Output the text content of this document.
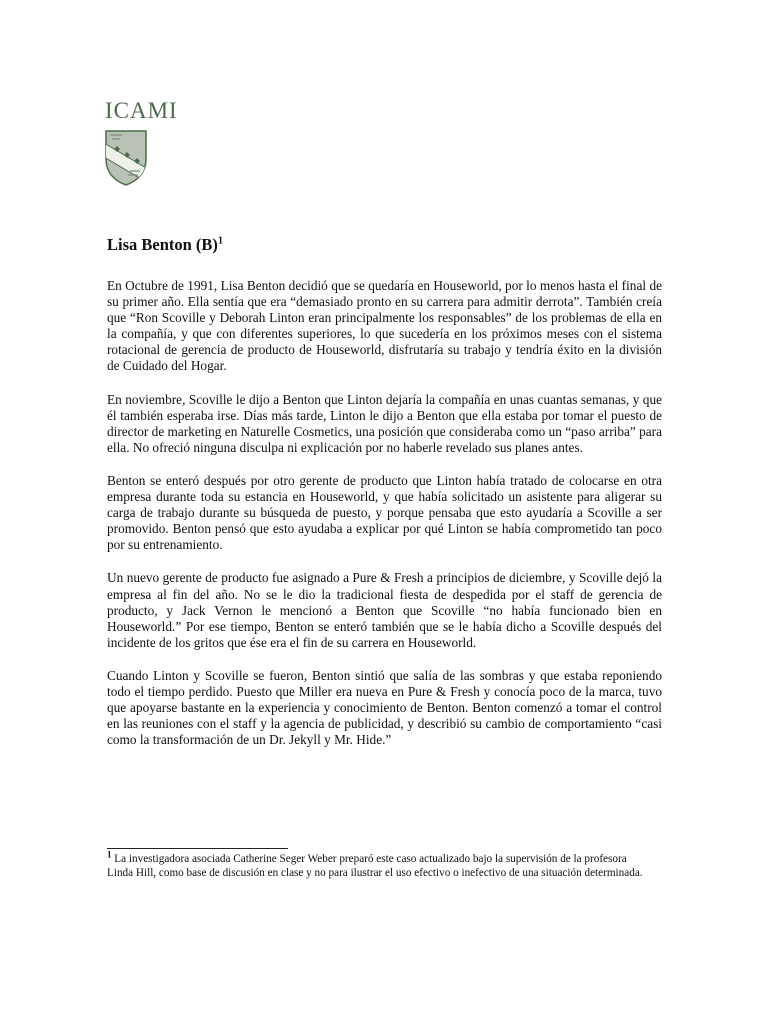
ICAMI
Lisa Benton $(B)^1$

En Octubre de 1991, Lisa Benton decidió que se quedaría en Houseworld, por lo menos hasta el final de su primer año. Ella sentía que era “demasiado pronto en su carrera para admitir derrota”. También creía que “Ron Scoville y Deborah Linton eran principalmente los responsables” de los problemas de ella en la compañía, y que con diferentes superiores, lo que sucedería en los próximos meses con el sistema rotacional de gerencia de producto de Houseworld, disfrutaría su trabajo y tendría éxito en la división de Cuidado del Hogar.

En noviembre, Scoville le dijo a Benton que Linton dejaría la compañía en unas cuantas semanas, y que él también esperaba irse. Días más tarde, Linton le dijo a Benton que ella estaba por tomar el puesto de director de marketing en Naturelle Cosmetics, una posición que consideraba como un “paso arriba” para ella. No ofreció ninguna disculpa ni explicación por no haberle revelado sus planes antes.

Benton se enteró después por otro gerente de producto que Linton había tratado de colocarse en otra empresa durante toda su estancia en Houseworld, y que había solicitado un asistente para aligerar su carga de trabajo durante su búsqueda de puesto, y porque pensaba que esto ayudaría a Scoville a ser promovido. Benton pensó que esto ayudaba a explicar por qué Linton se había comprometido tan poco por su entrenamiento.

Un nuevo gerente de producto fue asignado a Pure & Fresh a principios de diciembre, y Scoville dejó la empresa al fin del año. No se le dio la tradicional fiesta de despedida por el staff de gerencia de producto, y Jack Vernon le mencionó a Benton que Scoville “no había funcionado bien en Houseworld.” Por ese tiempo, Benton se enteró también que se le había dicho a Scoville después del incidente de los gritos que ése era el fin de su carrera en Houseworld.

Cuando Linton y Scoville se fueron, Benton sintió que salía de las sombras y que estaba reponiendo todo el tiempo perdido. Puesto que Miller era nueva en Pure & Fresh y conocía poco de la marca, tuvo que apoyarse bastante en la experiencia y conocimiento de Benton. Benton comenzó a tomar el control en las reuniones con el staff y la agencia de publicidad, y describió su cambio de comportamiento “casi como la transformación de un Dr. Jekyll y Mr. Hide.”

$^1$ La investigadora asociada Catherine Seger Weber preparó este caso actualizado bajo la supervisión de la profesora Linda Hill, como base de discusión en clase y no para ilustrar el uso efectivo o inefectivo de una situación determinada.
